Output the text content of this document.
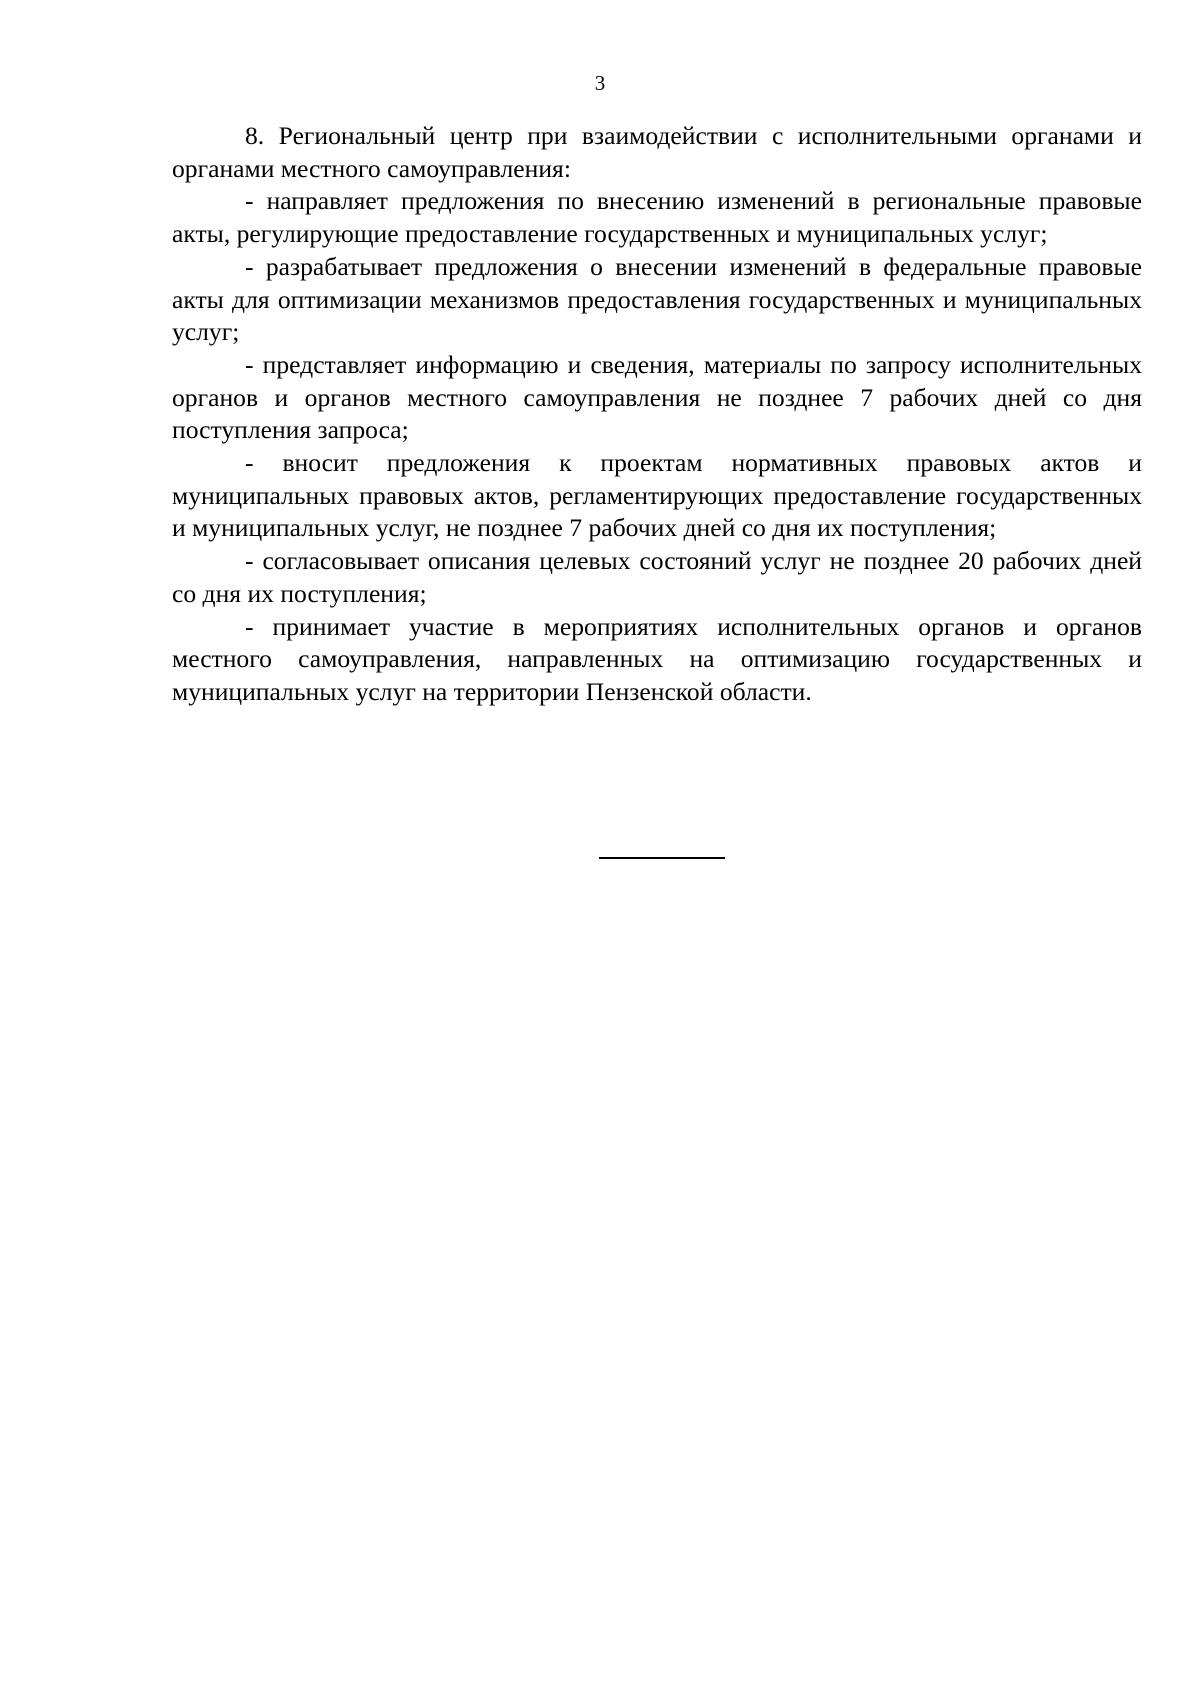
3

8. Региональный центр при взаимодействии с исполнительными органами и органами местного самоуправления:

- направляет предложения по внесению изменений в региональные правовые акты, регулирующие предоставление государственных и муниципальных услуг;

- разрабатывает предложения о внесении изменений в федеральные правовые акты для оптимизации механизмов предоставления государственных и муниципальных услуг;

- представляет информацию и сведения, материалы по запросу исполнительных органов и органов местного самоуправления не позднее 7 рабочих дней со дня поступления запроса;

- вносит предложения к проектам нормативных правовых актов и муниципальных правовых актов, регламентирующих предоставление государственных и муниципальных услуг, не позднее 7 рабочих дней со дня их поступления;

- согласовывает описания целевых состояний услуг не позднее 20 рабочих дней со дня их поступления;

- принимает участие в мероприятиях исполнительных органов и органов местного самоуправления, направленных на оптимизацию государственных и муниципальных услуг на территории Пензенской области.
